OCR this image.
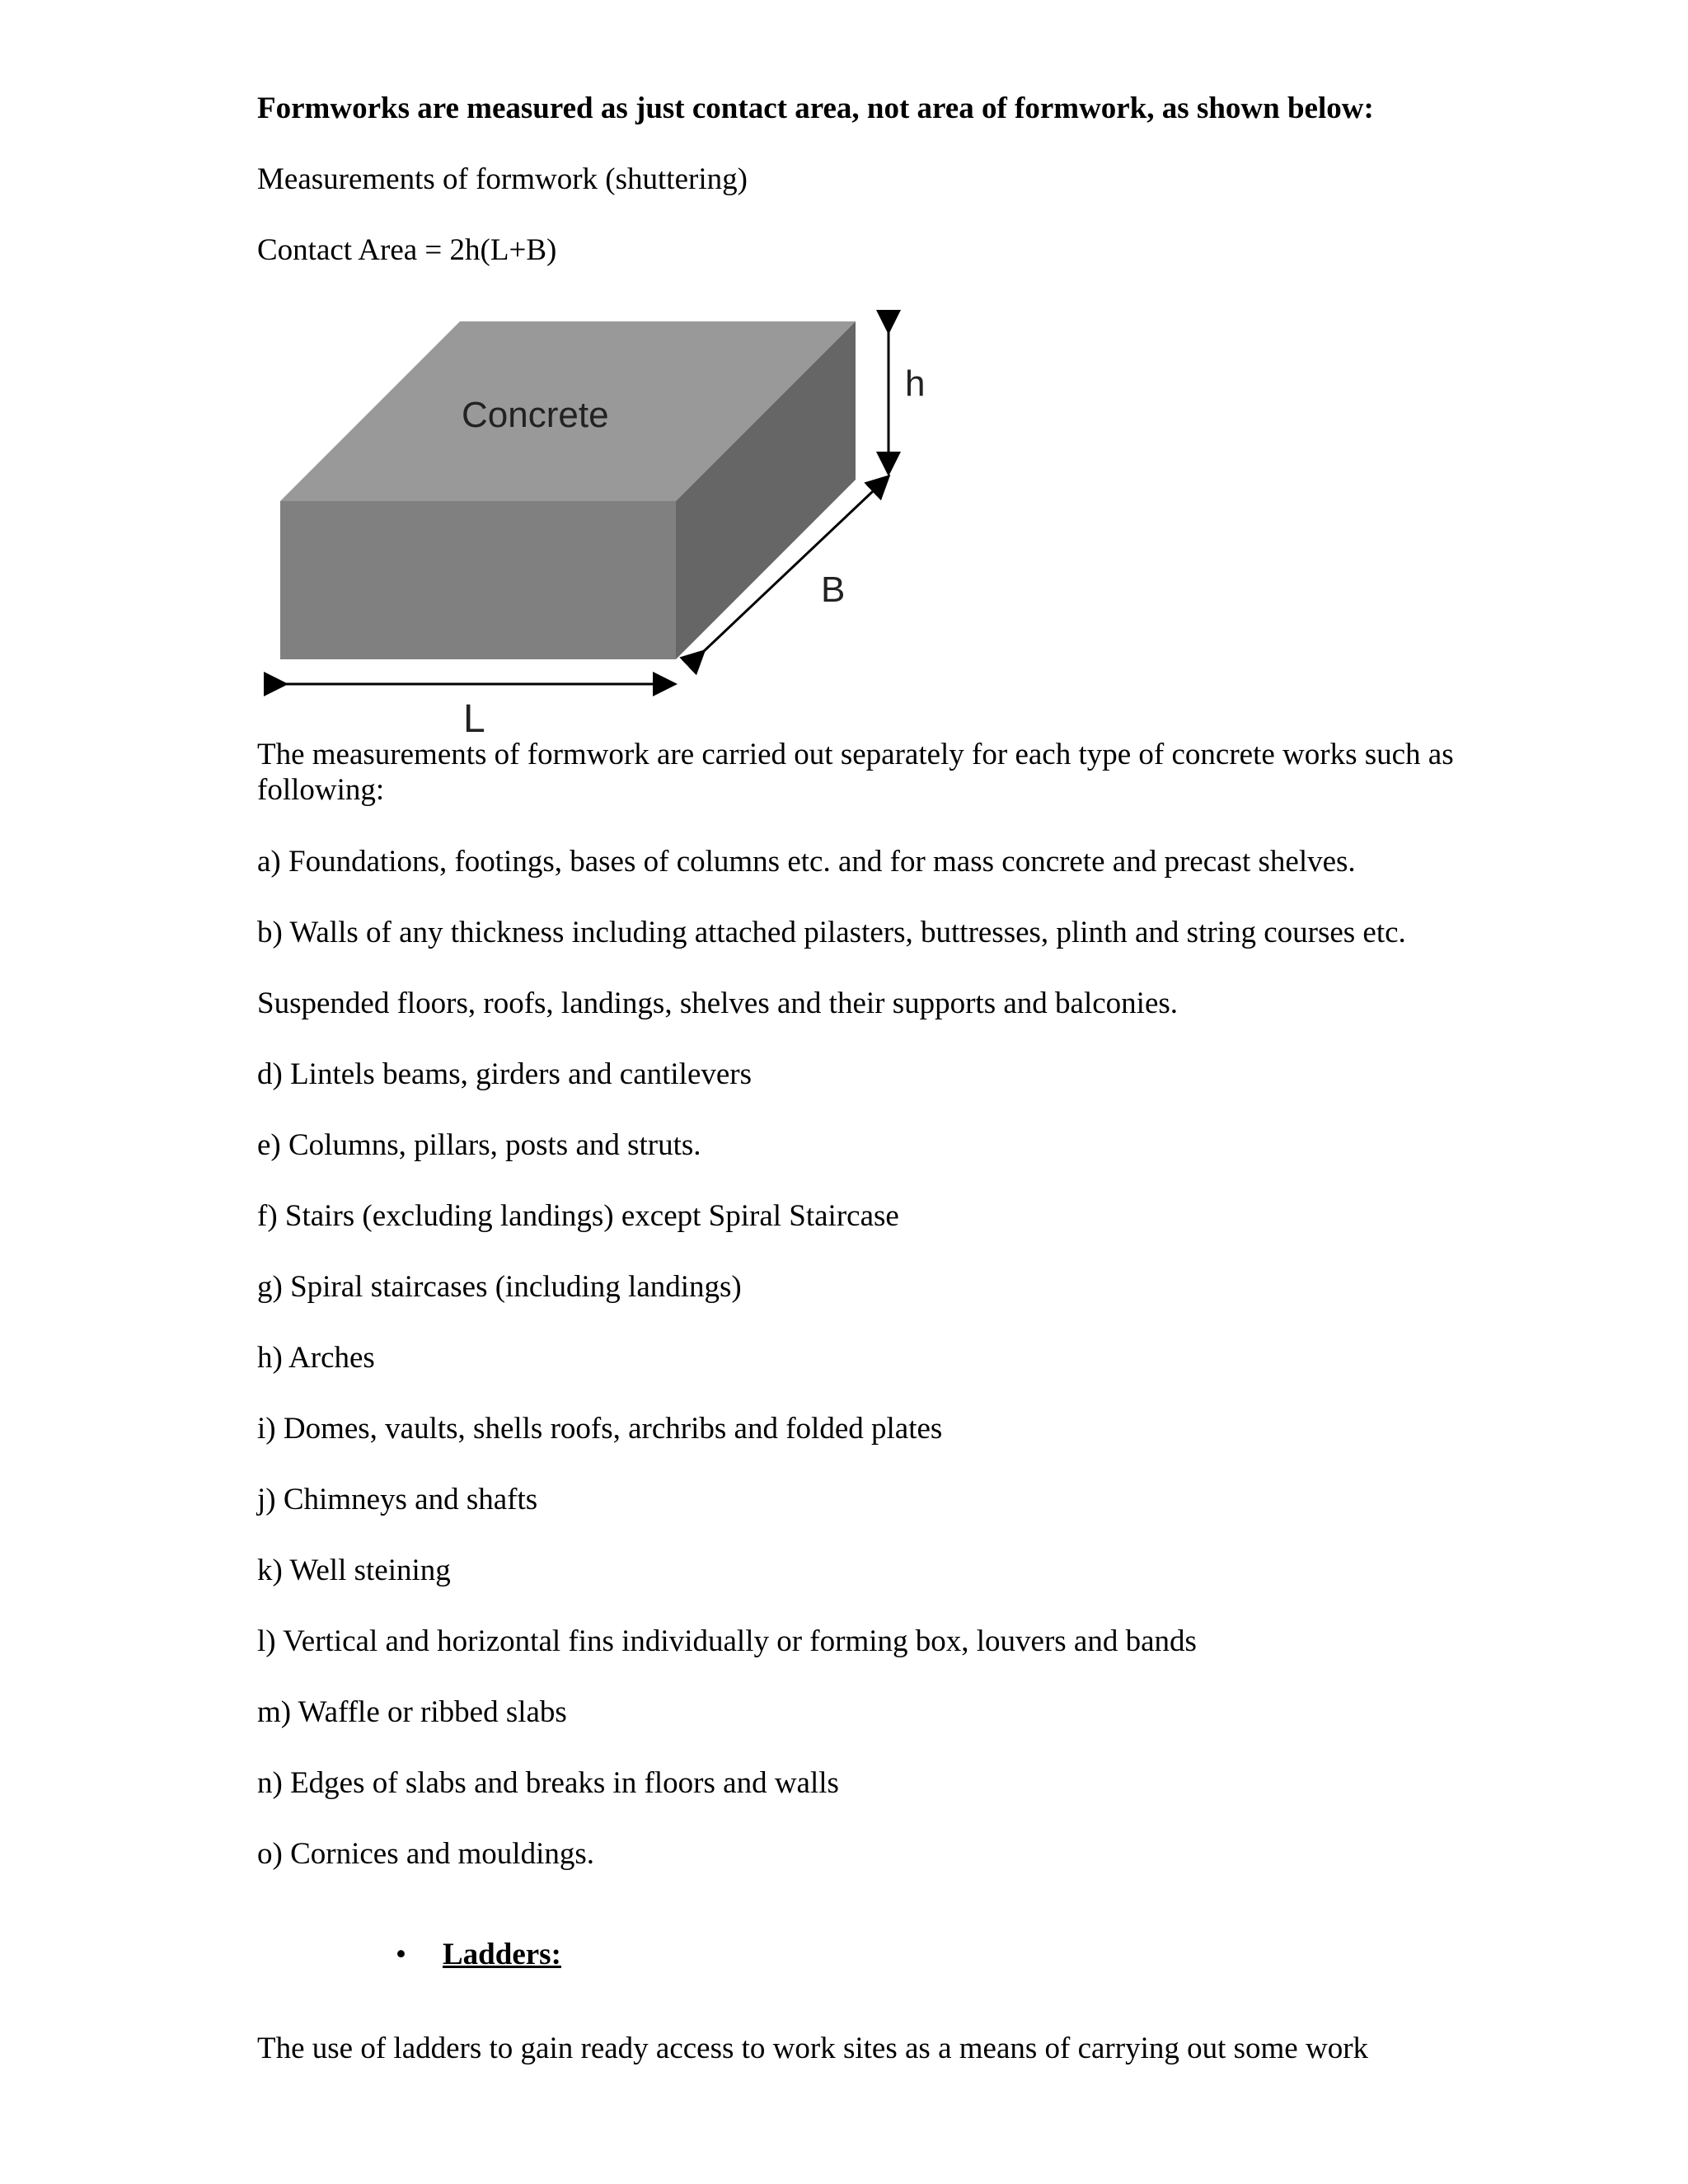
Formworks are measured as just contact area, not area of formwork, as shown below:

Measurements of formwork (shuttering)

Contact Area = 2h(L+B)

Concrete
h
B
L

The measurements of formwork are carried out separately for each type of concrete works such as following:

a) Foundations, footings, bases of columns etc. and for mass concrete and precast shelves.

b) Walls of any thickness including attached pilasters, buttresses, plinth and string courses etc.

Suspended floors, roofs, landings, shelves and their supports and balconies.

d) Lintels beams, girders and cantilevers

e) Columns, pillars, posts and struts.

f) Stairs (excluding landings) except Spiral Staircase

g) Spiral staircases (including landings)

h) Arches

i) Domes, vaults, shells roofs, archribs and folded plates

j) Chimneys and shafts

k) Well steining

l) Vertical and horizontal fins individually or forming box, louvers and bands

m) Waffle or ribbed slabs

n) Edges of slabs and breaks in floors and walls

o) Cornices and mouldings.

• Ladders:

The use of ladders to gain ready access to work sites as a means of carrying out some work
